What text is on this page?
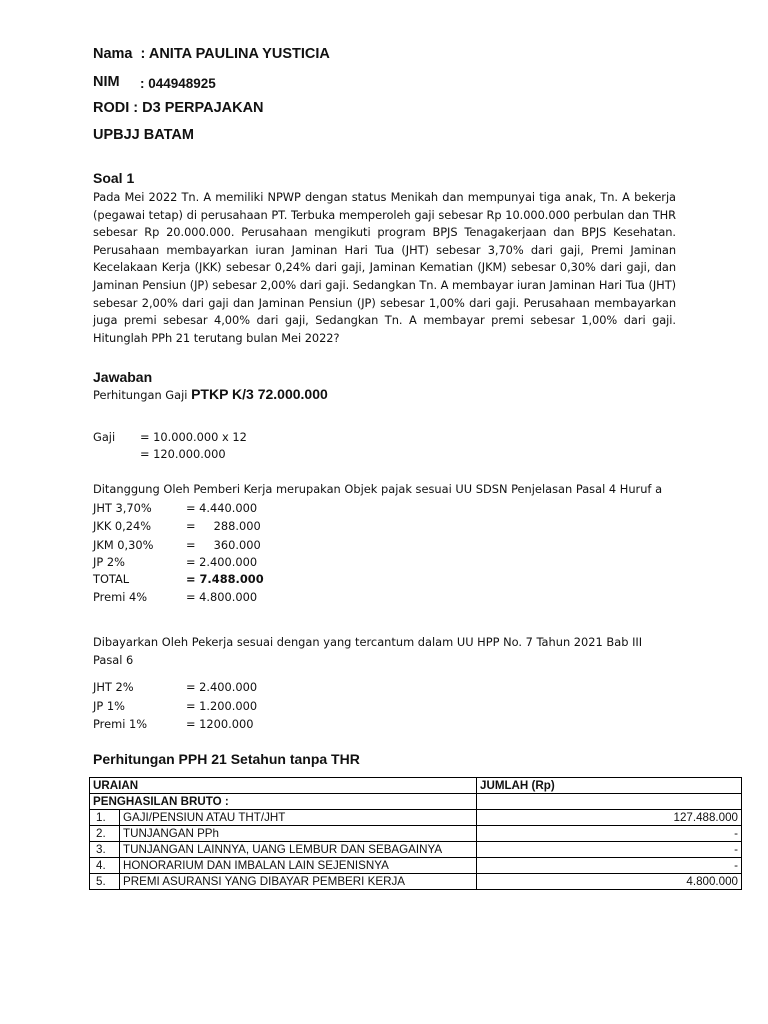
Nama  : ANITA PAULINA YUSTICIA
NIM : 044948925
RODI : D3 PERPAJAKAN
UPBJJ BATAM
Soal 1
Pada Mei 2022 Tn. A memiliki NPWP dengan status Menikah dan mempunyai tiga anak, Tn. A bekerja (pegawai tetap) di perusahaan PT. Terbuka memperoleh gaji sebesar Rp 10.000.000 perbulan dan THR sebesar Rp 20.000.000. Perusahaan mengikuti program BPJS Tenagakerjaan dan BPJS Kesehatan. Perusahaan membayarkan iuran Jaminan Hari Tua (JHT) sebesar 3,70% dari gaji, Premi Jaminan Kecelakaan Kerja (JKK) sebesar 0,24% dari gaji, Jaminan Kematian (JKM) sebesar 0,30% dari gaji, dan Jaminan Pensiun (JP) sebesar 2,00% dari gaji. Sedangkan Tn. A membayar iuran Jaminan Hari Tua (JHT) sebesar 2,00% dari gaji dan Jaminan Pensiun (JP) sebesar 1,00% dari gaji. Perusahaan membayarkan juga premi sebesar 4,00% dari gaji, Sedangkan Tn. A membayar premi sebesar 1,00% dari gaji. Hitunglah PPh 21 terutang bulan Mei 2022?
Jawaban
Perhitungan Gaji PTKP K/3 72.000.000
Gaji = 10.000.000 x 12
= 120.000.000
Ditanggung Oleh Pemberi Kerja merupakan Objek pajak sesuai UU SDSN Penjelasan Pasal 4 Huruf a
JHT 3,70%	= 4.440.000
JKK 0,24%	=     288.000
JKM 0,30%	=     360.000
JP 2%	= 2.400.000
TOTAL	= 7.488.000
Premi 4%	= 4.800.000
Dibayarkan Oleh Pekerja sesuai dengan yang tercantum dalam UU HPP No. 7 Tahun 2021 Bab III
Pasal 6
JHT 2%	= 2.400.000
JP 1%	= 1.200.000
Premi 1%	= 1200.000
Perhitungan PPH 21 Setahun tanpa THR
URAIAN		JUMLAH (Rp)
PENGHASILAN BRUTO :		
1.	GAJI/PENSIUN ATAU THT/JHT	127.488.000
2.	TUNJANGAN PPh	-
3.	TUNJANGAN LAINNYA, UANG LEMBUR DAN SEBAGAINYA	-
4.	HONORARIUM DAN IMBALAN LAIN SEJENISNYA	-
5.	PREMI ASURANSI YANG DIBAYAR PEMBERI KERJA	4.800.000
